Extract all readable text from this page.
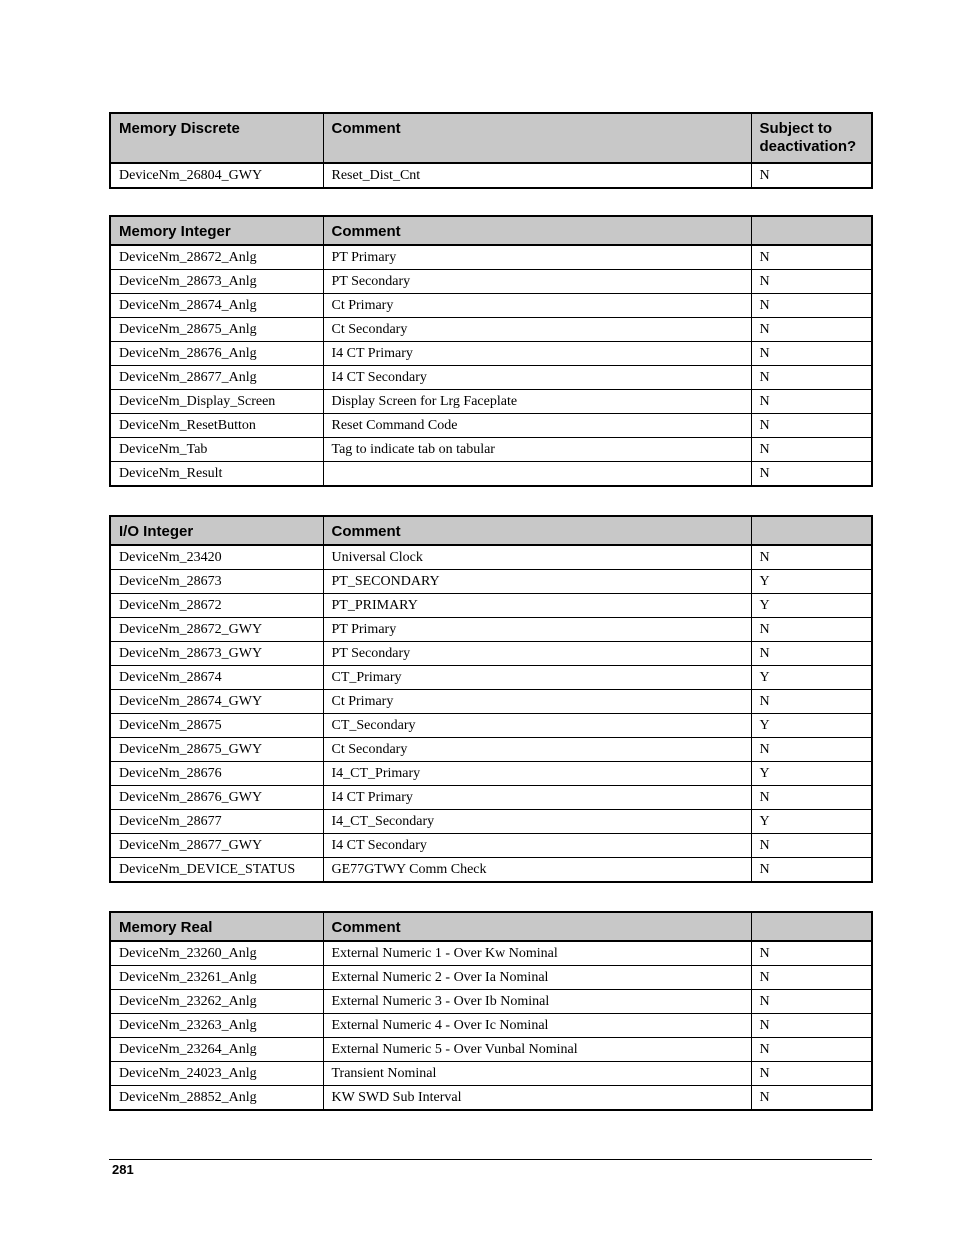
Memory Discrete	Comment	Subject to deactivation?
DeviceNm_26804_GWY	Reset_Dist_Cnt	N
Memory Integer	Comment	
DeviceNm_28672_Anlg	PT Primary	N
DeviceNm_28673_Anlg	PT Secondary	N
DeviceNm_28674_Anlg	Ct Primary	N
DeviceNm_28675_Anlg	Ct Secondary	N
DeviceNm_28676_Anlg	I4 CT Primary	N
DeviceNm_28677_Anlg	I4 CT Secondary	N
DeviceNm_Display_Screen	Display Screen for Lrg Faceplate	N
DeviceNm_ResetButton	Reset Command Code	N
DeviceNm_Tab	Tag to indicate tab on tabular	N
DeviceNm_Result		N
I/O Integer	Comment	
DeviceNm_23420	Universal Clock	N
DeviceNm_28673	PT_SECONDARY	Y
DeviceNm_28672	PT_PRIMARY	Y
DeviceNm_28672_GWY	PT Primary	N
DeviceNm_28673_GWY	PT Secondary	N
DeviceNm_28674	CT_Primary	Y
DeviceNm_28674_GWY	Ct Primary	N
DeviceNm_28675	CT_Secondary	Y
DeviceNm_28675_GWY	Ct Secondary	N
DeviceNm_28676	I4_CT_Primary	Y
DeviceNm_28676_GWY	I4 CT Primary	N
DeviceNm_28677	I4_CT_Secondary	Y
DeviceNm_28677_GWY	I4 CT Secondary	N
DeviceNm_DEVICE_STATUS	GE77GTWY Comm Check	N
Memory Real	Comment	
DeviceNm_23260_Anlg	External Numeric 1 - Over Kw Nominal	N
DeviceNm_23261_Anlg	External Numeric 2 - Over Ia Nominal	N
DeviceNm_23262_Anlg	External Numeric 3 - Over Ib Nominal	N
DeviceNm_23263_Anlg	External Numeric 4 - Over Ic Nominal	N
DeviceNm_23264_Anlg	External Numeric 5 - Over Vunbal Nominal	N
DeviceNm_24023_Anlg	Transient Nominal	N
DeviceNm_28852_Anlg	KW SWD Sub Interval	N
281
